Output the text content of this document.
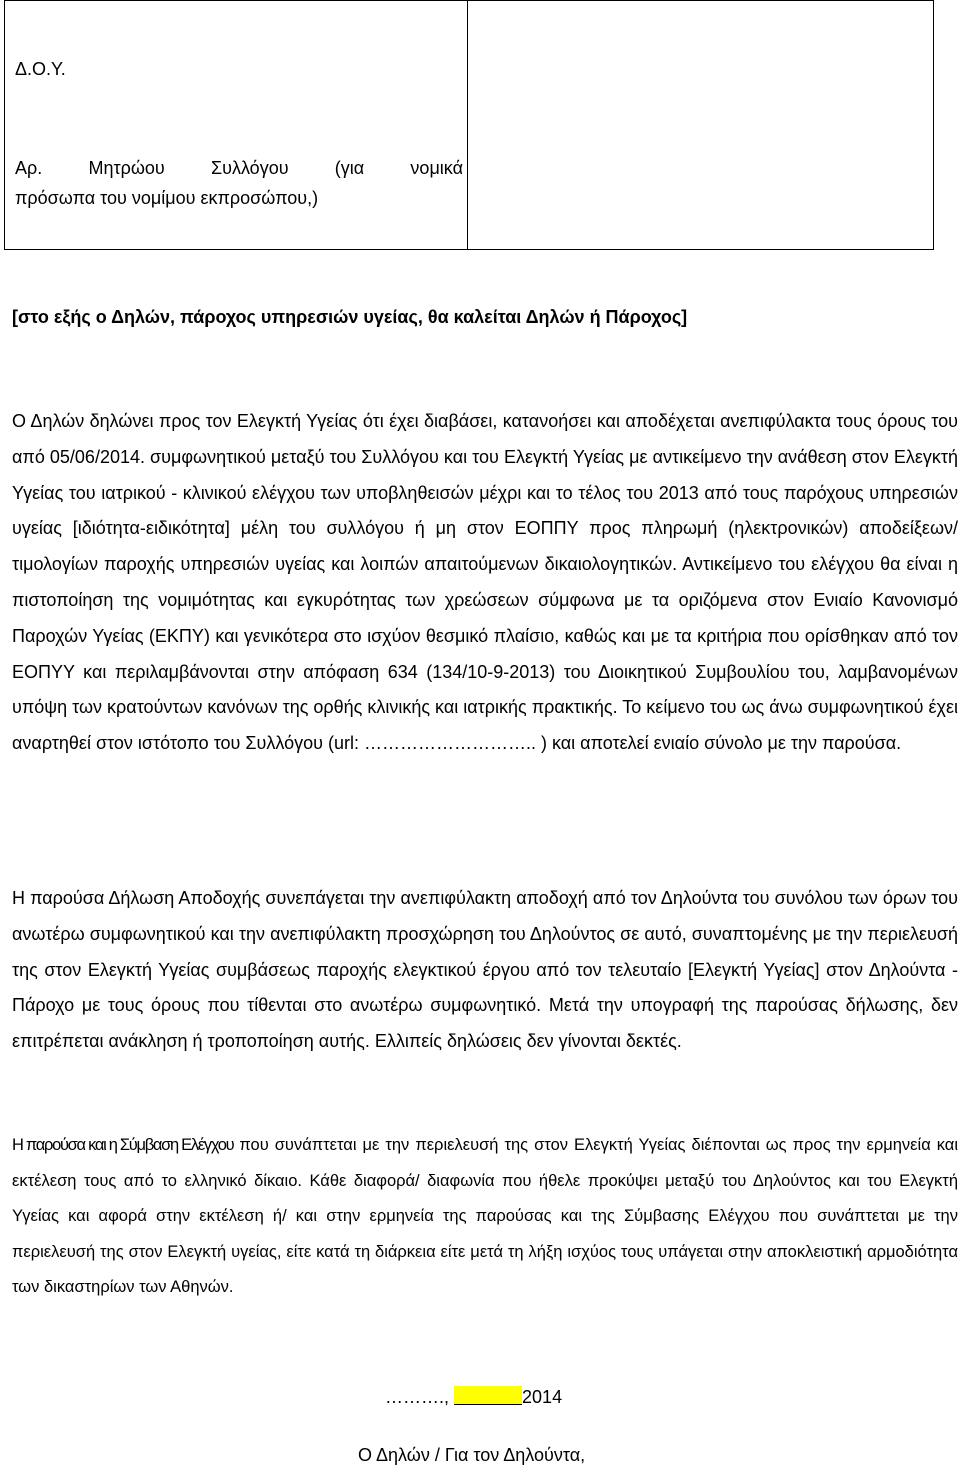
Δ.Ο.Υ.
Αρ. Μητρώου Συλλόγου (για νομικά
πρόσωπα του νομίμου εκπροσώπου,)

[στο εξής ο Δηλών, πάροχος υπηρεσιών υγείας, θα καλείται Δηλών ή Πάροχος]
Ο Δηλών δηλώνει προς τον Ελεγκτή Υγείας ότι έχει διαβάσει, κατανοήσει και αποδέχεται ανεπιφύλακτα τους όρους του από 05/06/2014. συμφωνητικού μεταξύ του Συλλόγου και του Ελεγκτή Υγείας με αντικείμενο την ανάθεση στον Ελεγκτή Υγείας του ιατρικού - κλινικού ελέγχου των υποβληθεισών μέχρι και το τέλος του 2013 από τους παρόχους υπηρεσιών υγείας [ιδιότητα-ειδικότητα] μέλη του συλλόγου ή μη στον ΕΟΠΠΥ προς πληρωμή (ηλεκτρονικών) αποδείξεων/τιμολογίων παροχής υπηρεσιών υγείας και λοιπών απαιτούμενων δικαιολογητικών. Αντικείμενο του ελέγχου θα είναι η πιστοποίηση της νομιμότητας και εγκυρότητας των χρεώσεων σύμφωνα με τα οριζόμενα στον Ενιαίο Κανονισμό Παροχών Υγείας (ΕΚΠΥ) και γενικότερα στο ισχύον θεσμικό πλαίσιο, καθώς και με τα κριτήρια που ορίσθηκαν από τον ΕΟΠΥΥ και περιλαμβάνονται στην απόφαση 634 (134/10-9-2013) του Διοικητικού Συμβουλίου του, λαμβανομένων υπόψη των κρατούντων κανόνων της ορθής κλινικής και ιατρικής πρακτικής. Το κείμενο του ως άνω συμφωνητικού έχει αναρτηθεί στον ιστότοπο του Συλλόγου (url: ……………………….. ) και αποτελεί ενιαίο σύνολο με την παρούσα.
Η παρούσα Δήλωση Αποδοχής συνεπάγεται την ανεπιφύλακτη αποδοχή από τον Δηλούντα του συνόλου των όρων του ανωτέρω συμφωνητικού και την ανεπιφύλακτη προσχώρηση του Δηλούντος σε αυτό, συναπτομένης με την περιελευσή της στον Ελεγκτή Υγείας συμβάσεως παροχής ελεγκτικού έργου από τον τελευταίο [Ελεγκτή Υγείας] στον Δηλούντα - Πάροχο με τους όρους που τίθενται στο ανωτέρω συμφωνητικό. Μετά την υπογραφή της παρούσας δήλωσης, δεν επιτρέπεται ανάκληση ή τροποποίηση αυτής. Ελλιπείς δηλώσεις δεν γίνονται δεκτές.
Η παρούσα και η Σύμβαση Ελέγχου που συνάπτεται με την περιελευσή της στον Ελεγκτή Υγείας διέπονται ως προς την ερμηνεία και εκτέλεση τους από το ελληνικό δίκαιο. Κάθε διαφορά/ διαφωνία που ήθελε προκύψει μεταξύ του Δηλούντος και του Ελεγκτή Υγείας και αφορά στην εκτέλεση ή/ και στην ερμηνεία της παρούσας και της Σύμβασης Ελέγχου που συνάπτεται με την περιελευσή της στον Ελεγκτή υγείας, είτε κατά τη διάρκεια είτε μετά τη λήξη ισχύος τους υπάγεται στην αποκλειστική αρμοδιότητα των δικαστηρίων των Αθηνών.
……….,	2014
Ο Δηλών / Για τον Δηλούντα,
